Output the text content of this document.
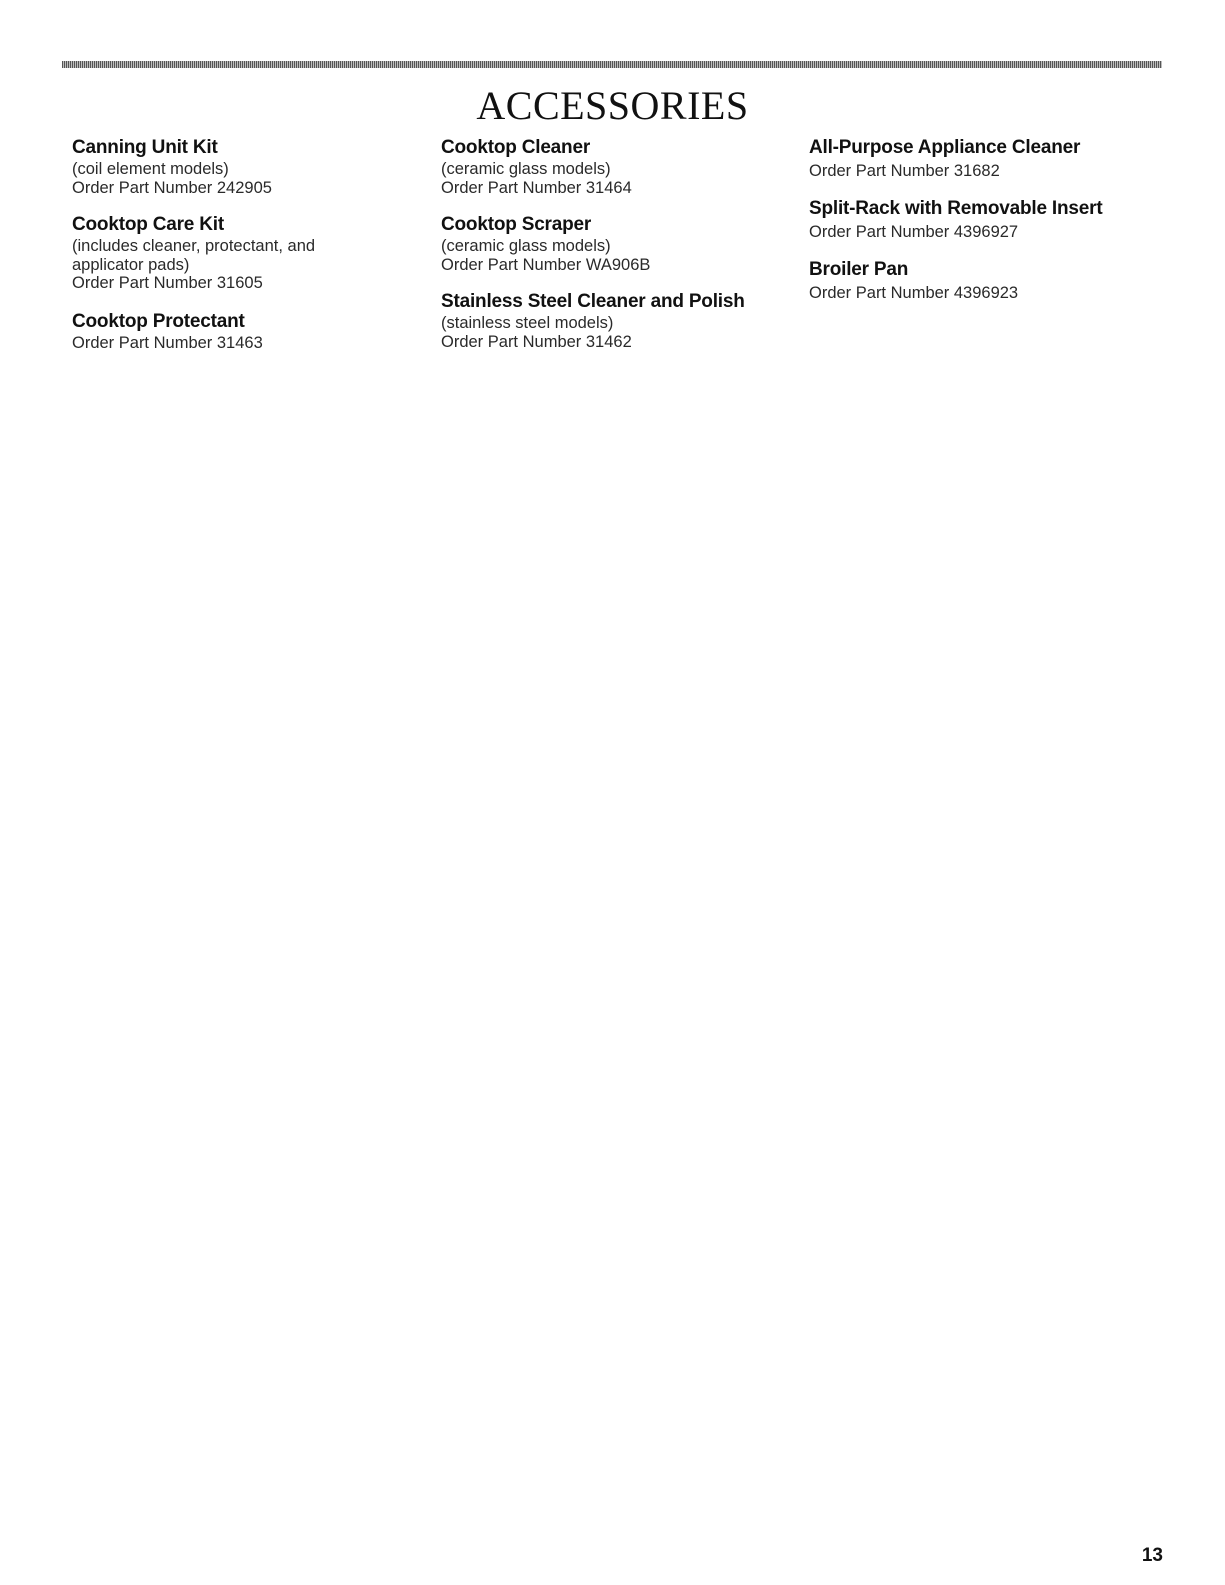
ACCESSORIES

Canning Unit Kit

(coil element models)

Order Part Number 242905

Cooktop Care Kit

(includes cleaner, protectant, and

applicator pads)

Order Part Number 31605

Cooktop Protectant

Order Part Number 31463

Cooktop Cleaner

(ceramic glass models)

Order Part Number 31464

Cooktop Scraper

(ceramic glass models)

Order Part Number WA906B

Stainless Steel Cleaner and Polish

(stainless steel models)

Order Part Number 31462

All-Purpose Appliance Cleaner

Order Part Number 31682

Split-Rack with Removable Insert

Order Part Number 4396927

Broiler Pan

Order Part Number 4396923

13
